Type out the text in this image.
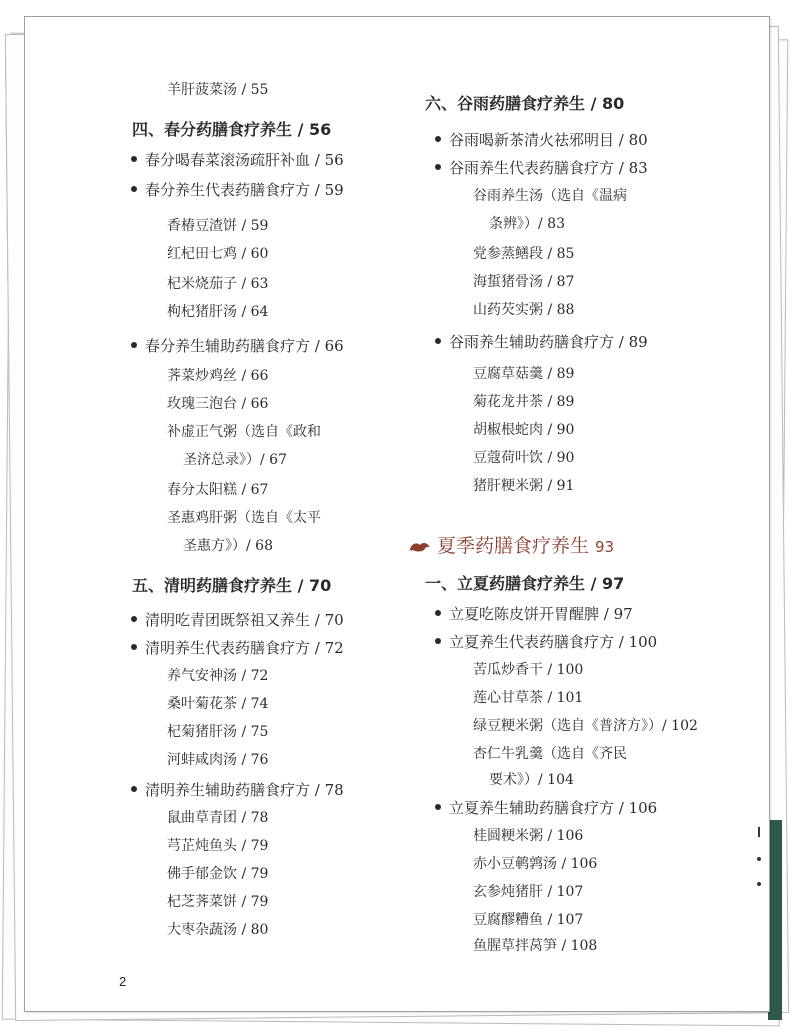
羊肝菠菜汤 / 55
四、春分药膳食疗养生 / 56
春分喝春菜滚汤疏肝补血 / 56
春分养生代表药膳食疗方 / 59
香椿豆渣饼 / 59
红杞田七鸡 / 60
杞米烧茄子 / 63
枸杞猪肝汤 / 64
春分养生辅助药膳食疗方 / 66
荠菜炒鸡丝 / 66
玫瑰三泡台 / 66
补虚正气粥（选自《政和
圣济总录》）/ 67
春分太阳糕 / 67
圣惠鸡肝粥（选自《太平
圣惠方》）/ 68
五、清明药膳食疗养生 / 70
清明吃青团既祭祖又养生 / 70
清明养生代表药膳食疗方 / 72
养气安神汤 / 72
桑叶菊花茶 / 74
杞菊猪肝汤 / 75
河蚌咸肉汤 / 76
清明养生辅助药膳食疗方 / 78
鼠曲草青团 / 78
芎芷炖鱼头 / 79
佛手郁金饮 / 79
杞芝荠菜饼 / 79
大枣杂蔬汤 / 80
六、谷雨药膳食疗养生 / 80
谷雨喝新茶清火祛邪明目 / 80
谷雨养生代表药膳食疗方 / 83
谷雨养生汤（选自《温病
条辨》）/ 83
党参蒸鳝段 / 85
海蜇猪骨汤 / 87
山药芡实粥 / 88
谷雨养生辅助药膳食疗方 / 89
豆腐草菇羹 / 89
菊花龙井茶 / 89
胡椒根蛇肉 / 90
豆蔻荷叶饮 / 90
猪肝粳米粥 / 91
夏季药膳食疗养生 93
一、立夏药膳食疗养生 / 97
立夏吃陈皮饼开胃醒脾 / 97
立夏养生代表药膳食疗方 / 100
苦瓜炒香干 / 100
莲心甘草茶 / 101
绿豆粳米粥（选自《普济方》）/ 102
杏仁牛乳羹（选自《齐民
要术》）/ 104
立夏养生辅助药膳食疗方 / 106
桂圆粳米粥 / 106
赤小豆鹌鹑汤 / 106
玄参炖猪肝 / 107
豆腐醪糟鱼 / 107
鱼腥草拌莴笋 / 108
2
